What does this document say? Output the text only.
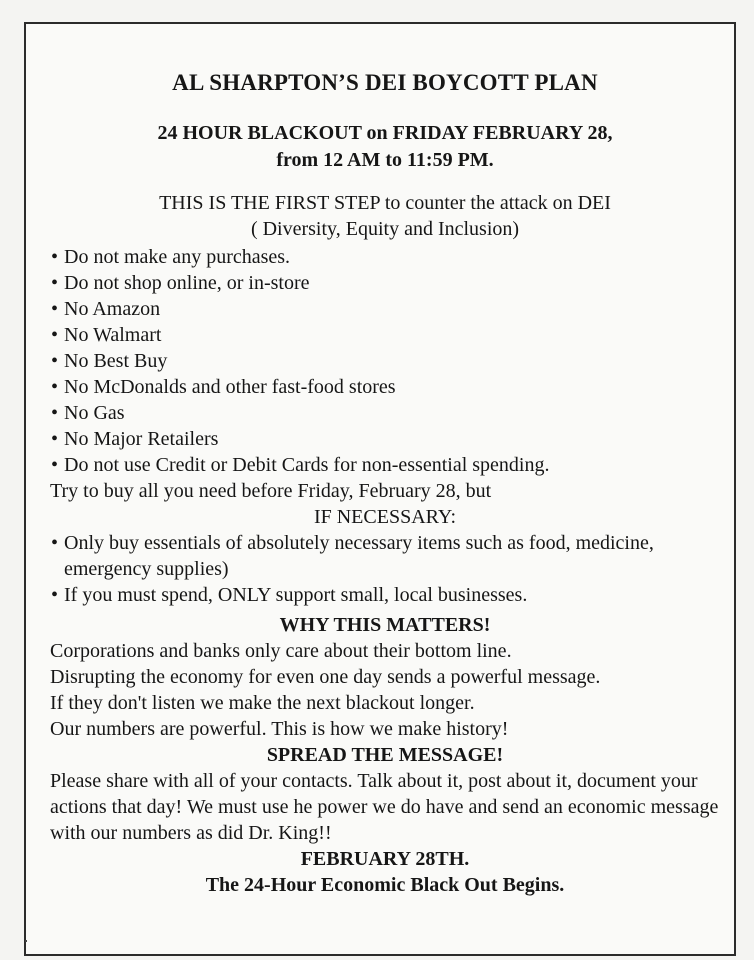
AL SHARPTON’S DEI BOYCOTT PLAN
24 HOUR BLACKOUT on FRIDAY FEBRUARY 28,
from 12 AM to 11:59 PM.
THIS IS THE FIRST STEP to counter the attack on DEI
( Diversity, Equity and Inclusion)
• Do not make any purchases.
• Do not shop online, or in-store
• No Amazon
• No Walmart
• No Best Buy
• No McDonalds and other fast-food stores
• No Gas
• No Major Retailers
• Do not use Credit or Debit Cards for non-essential spending.

Try to buy all you need before Friday, February 28, but

IF NECESSARY:

• Only buy essentials of absolutely necessary items such as food, medicine, emergency supplies)
• If you must spend, ONLY support small, local businesses.
WHY THIS MATTERS!

Corporations and banks only care about their bottom line.

Disrupting the economy for even one day sends a powerful message.

If they don't listen we make the next blackout longer.

Our numbers are powerful. This is how we make history!

SPREAD THE MESSAGE!

Please share with all of your contacts. Talk about it, post about it, document your actions that day! We must use he power we do have and send an economic message with our numbers as did Dr. King!!

FEBRUARY 28TH.
The 24-Hour Economic Black Out Begins.
